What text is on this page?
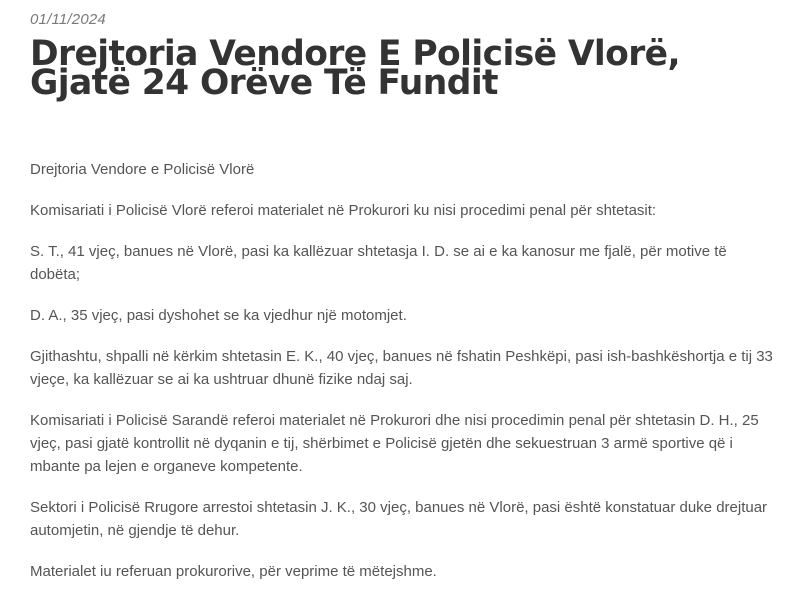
01/11/2024
Drejtoria Vendore E Policisë Vlorë, Gjatë 24 Orëve Të Fundit

Drejtoria Vendore e Policisë Vlorë

Komisariati i Policisë Vlorë referoi materialet në Prokurori ku nisi procedimi penal për shtetasit:

S. T., 41 vjeç, banues në Vlorë, pasi ka kallëzuar shtetasja I. D. se ai e ka kanosur me fjalë, për motive të dobëta;

D. A., 35 vjeç, pasi dyshohet se ka vjedhur një motomjet.

Gjithashtu, shpalli në kërkim shtetasin E. K., 40 vjeç, banues në fshatin Peshkëpi, pasi ish-bashkëshortja e tij 33 vjeçe, ka kallëzuar se ai ka ushtruar dhunë fizike ndaj saj.

Komisariati i Policisë Sarandë referoi materialet në Prokurori dhe nisi procedimin penal për shtetasin D. H., 25 vjeç, pasi gjatë kontrollit në dyqanin e tij, shërbimet e Policisë gjetën dhe sekuestruan 3 armë sportive që i mbante pa lejen e organeve kompetente.

Sektori i Policisë Rrugore arrestoi shtetasin J. K., 30 vjeç, banues në Vlorë, pasi është konstatuar duke drejtuar automjetin, në gjendje të dehur.

Materialet iu referuan prokurorive, për veprime të mëtejshme.
